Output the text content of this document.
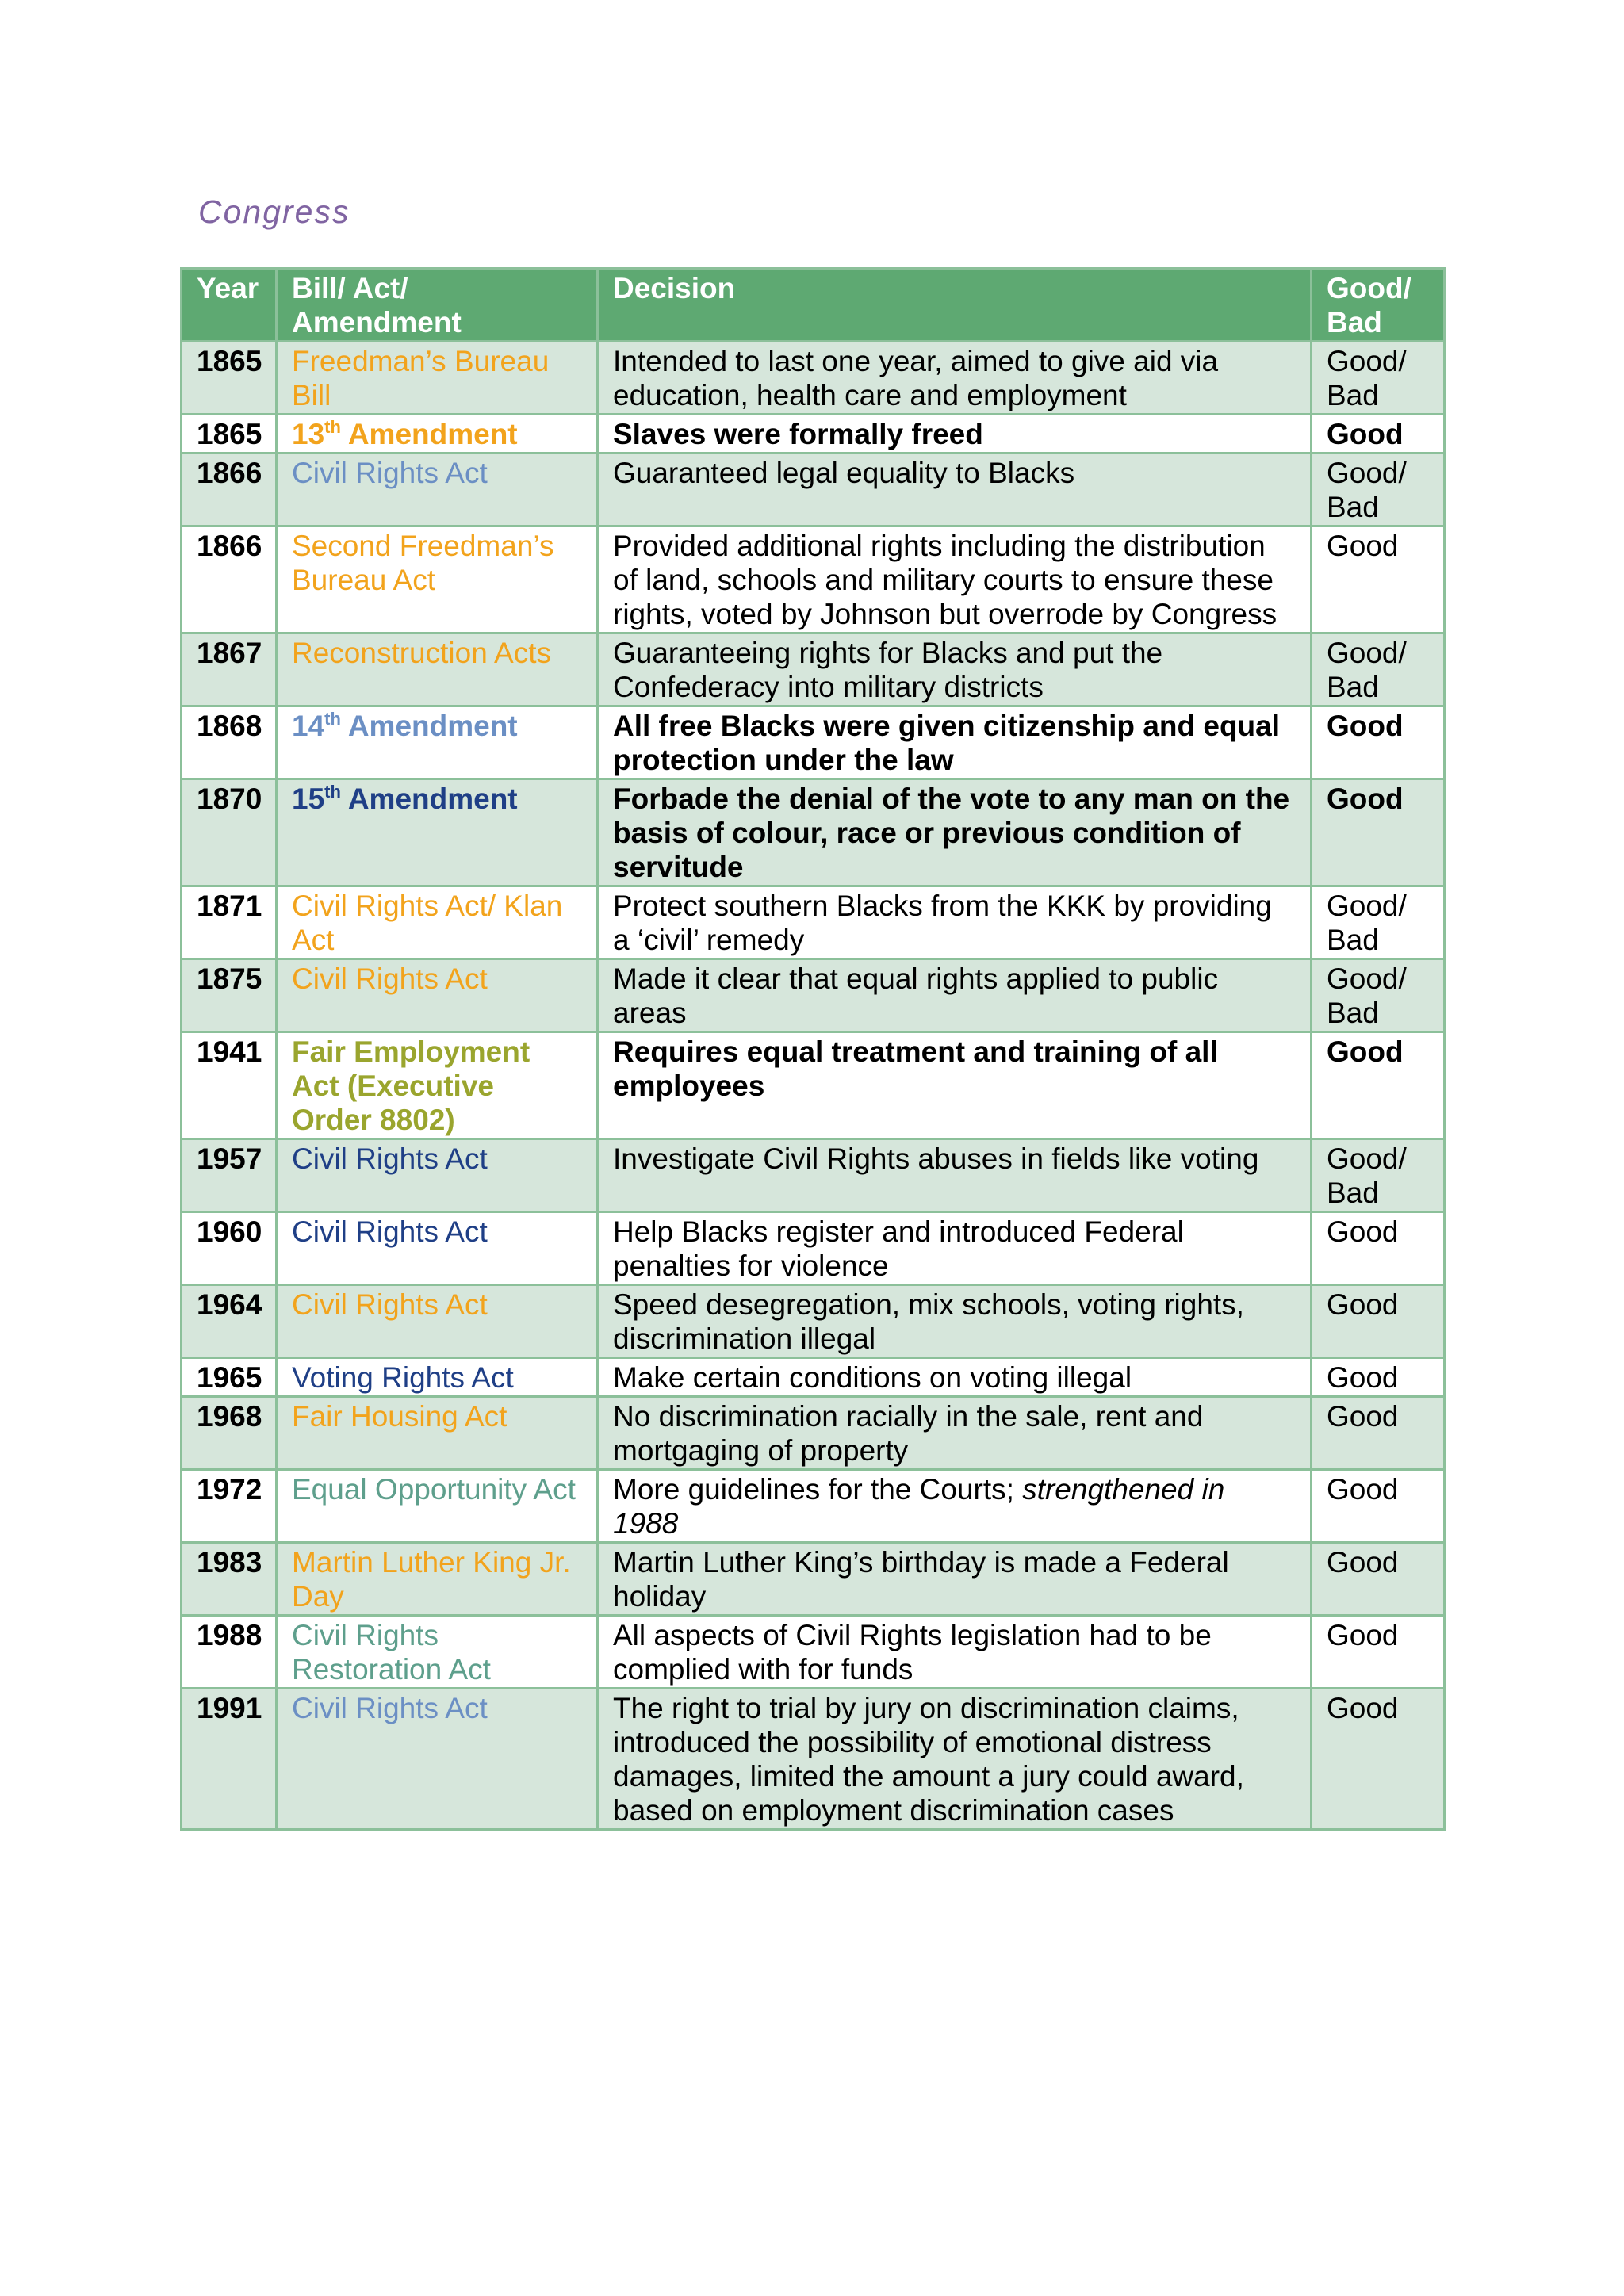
Congress
Year	Bill/ Act/ Amendment	Decision	Good/ Bad
1865	Freedman’s Bureau Bill	Intended to last one year, aimed to give aid via education, health care and employment	Good/ Bad
1865	13th Amendment	Slaves were formally freed	Good
1866	Civil Rights Act	Guaranteed legal equality to Blacks	Good/ Bad
1866	Second Freedman’s Bureau Act	Provided additional rights including the distribution of land, schools and military courts to ensure these rights, voted by Johnson but overrode by Congress	Good
1867	Reconstruction Acts	Guaranteeing rights for Blacks and put the Confederacy into military districts	Good/ Bad
1868	14th Amendment	All free Blacks were given citizenship and equal protection under the law	Good
1870	15th Amendment	Forbade the denial of the vote to any man on the basis of colour, race or previous condition of servitude	Good
1871	Civil Rights Act/ Klan Act	Protect southern Blacks from the KKK by providing a ‘civil’ remedy	Good/ Bad
1875	Civil Rights Act	Made it clear that equal rights applied to public areas	Good/ Bad
1941	Fair Employment Act (Executive Order 8802)	Requires equal treatment and training of all employees	Good
1957	Civil Rights Act	Investigate Civil Rights abuses in fields like voting	Good/ Bad
1960	Civil Rights Act	Help Blacks register and introduced Federal penalties for violence	Good
1964	Civil Rights Act	Speed desegregation, mix schools, voting rights, discrimination illegal	Good
1965	Voting Rights Act	Make certain conditions on voting illegal	Good
1968	Fair Housing Act	No discrimination racially in the sale, rent and mortgaging of property	Good
1972	Equal Opportunity Act	More guidelines for the Courts; strengthened in 1988	Good
1983	Martin Luther King Jr. Day	Martin Luther King’s birthday is made a Federal holiday	Good
1988	Civil Rights Restoration Act	All aspects of Civil Rights legislation had to be complied with for funds	Good
1991	Civil Rights Act	The right to trial by jury on discrimination claims, introduced the possibility of emotional distress damages, limited the amount a jury could award, based on employment discrimination cases	Good
